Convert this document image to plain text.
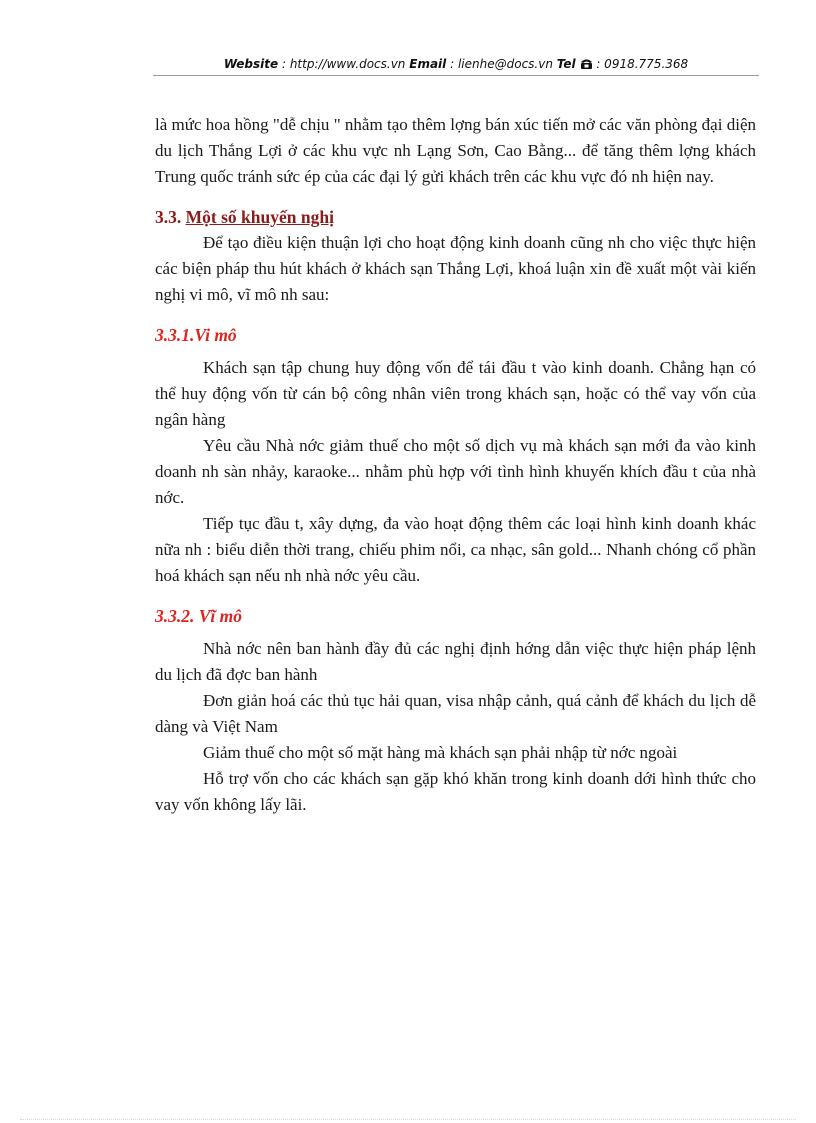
Website : http://www.docs.vn Email : lienhe@docs.vn Tel : 0918.775.368

là mức hoa hồng "dễ chịu " nhằm tạo thêm lợng bán xúc tiến mở các văn phòng đại diện du lịch Thắng Lợi ở các khu vực nh Lạng Sơn, Cao Bằng... để tăng thêm lợng khách Trung quốc tránh sức ép của các đại lý gửi khách trên các khu vực đó nh hiện nay.

3.3. Một số khuyến nghị

Để tạo điều kiện thuận lợi cho hoạt động kinh doanh cũng nh cho việc thực hiện các biện pháp thu hút khách ở khách sạn Thắng Lợi, khoá luận xin đề xuất một vài kiến nghị vi mô, vĩ mô nh sau:

3.3.1.Vi mô

Khách sạn tập chung huy động vốn để tái đầu t vào kinh doanh. Chẳng hạn có thể huy động vốn từ cán bộ công nhân viên trong khách sạn, hoặc có thể vay vốn của ngân hàng

Yêu cầu Nhà nớc giảm thuế cho một số dịch vụ mà khách sạn mới đa vào kinh doanh nh sàn nhảy, karaoke... nhằm phù hợp với tình hình khuyến khích đầu t của nhà nớc.

Tiếp tục đầu t, xây dựng, đa vào hoạt động thêm các loại hình kinh doanh khác nữa nh : biểu diễn thời trang, chiếu phim nổi, ca nhạc, sân gold... Nhanh chóng cổ phần hoá khách sạn nếu nh nhà nớc yêu cầu.

3.3.2. Vĩ mô

Nhà nớc nên ban hành đầy đủ các nghị định hớng dẫn việc thực hiện pháp lệnh du lịch đã đợc ban hành

Đơn giản hoá các thủ tục hải quan, visa nhập cảnh, quá cảnh để khách du lịch dễ dàng và Việt Nam

Giảm thuế cho một số mặt hàng mà khách sạn phải nhập từ nớc ngoài

Hỗ trợ vốn cho các khách sạn gặp khó khăn trong kinh doanh dới hình thức cho vay vốn không lấy lãi.
